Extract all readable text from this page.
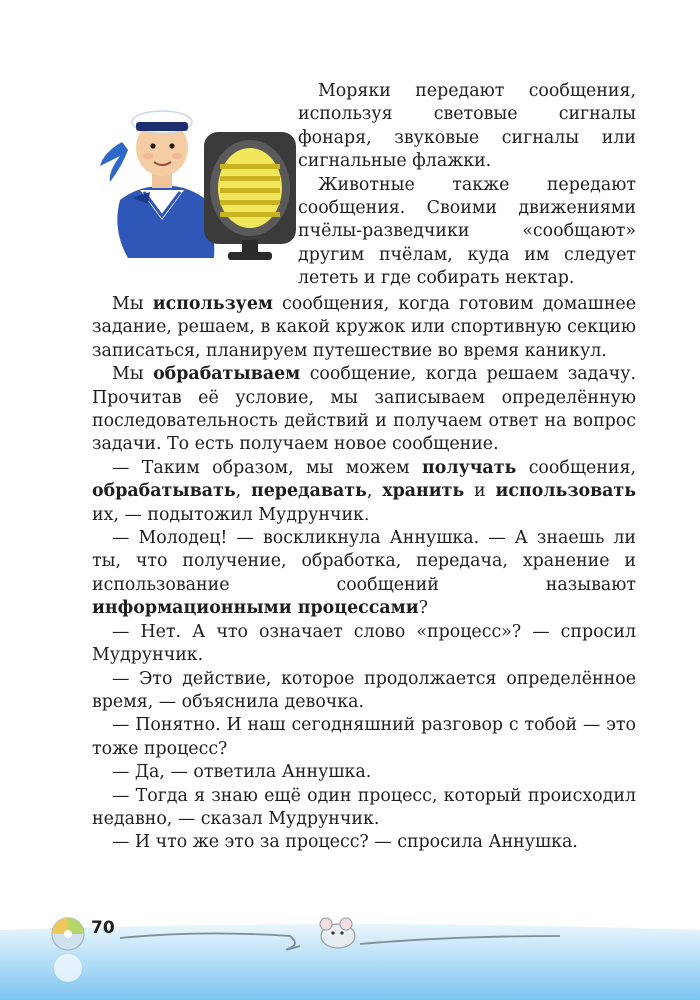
Моряки передают сообщения, используя световые сигналы фонаря, звуковые сигналы или сигнальные флажки.

Животные также передают сообщения. Своими движениями пчёлы-разведчики «сообщают» другим пчёлам, куда им следует лететь и где собирать нектар.

Мы используем сообщения, когда готовим домашнее задание, решаем, в какой кружок или спортивную секцию записаться, планируем путешествие во время каникул.

Мы обрабатываем сообщение, когда решаем задачу. Прочитав её условие, мы записываем определённую последовательность действий и получаем ответ на вопрос задачи. То есть получаем новое сообщение.

— Таким образом, мы можем получать сообщения, обрабатывать, передавать, хранить и использовать их, — подытожил Мудрунчик.

— Молодец! — воскликнула Аннушка. — А знаешь ли ты, что получение, обработка, передача, хранение и использование сообщений называют информационными процессами?

— Нет. А что означает слово «процесс»? — спросил Мудрунчик.

— Это действие, которое продолжается определённое время, — объяснила девочка.

— Понятно. И наш сегодняшний разговор с тобой — это тоже процесс?

— Да, — ответила Аннушка.

— Тогда я знаю ещё один процесс, который происходил недавно, — сказал Мудрунчик.

— И что же это за процесс? — спросила Аннушка.

70
